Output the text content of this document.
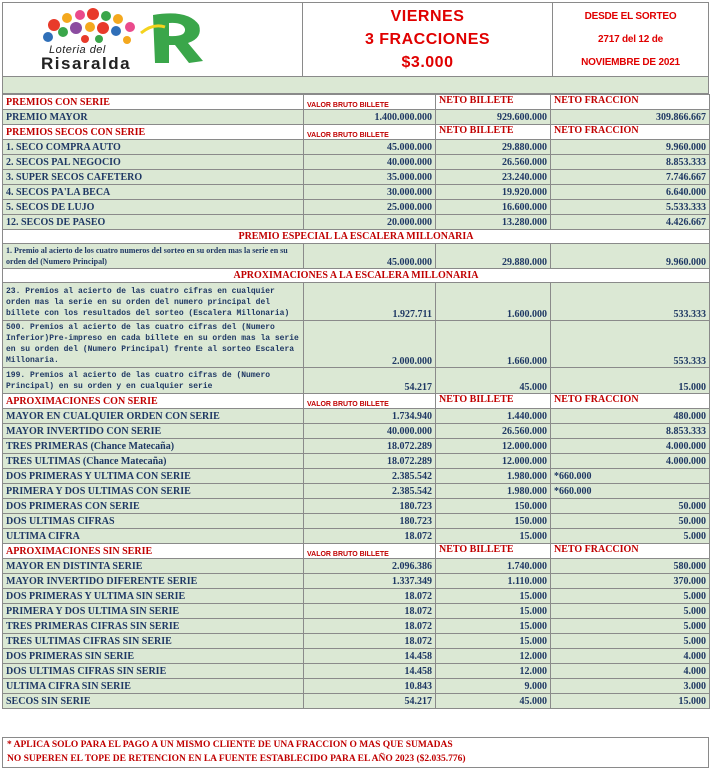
Loteria del
Risaralda
VIERNES
3 FRACCIONES
$3.000
DESDE EL SORTEO
2717 del 12 de
NOVIEMBRE DE 2021
PREMIOS CON SERIE	VALOR BRUTO BILLETE	NETO BILLETE	NETO FRACCIÓN
PREMIO MAYOR	1.400.000.000	929.600.000	309.866.667
PREMIOS SECOS CON SERIE	VALOR BRUTO BILLETE	NETO BILLETE	NETO FRACCIÓN
1. SECO COMPRA AUTO	45.000.000	29.880.000	9.960.000
2. SECOS PAL NEGOCIO	40.000.000	26.560.000	8.853.333
3. SUPER SECOS CAFETERO	35.000.000	23.240.000	7.746.667
4. SECOS PA'LA BECA	30.000.000	19.920.000	6.640.000
5. SECOS DE LUJO	25.000.000	16.600.000	5.533.333
12. SECOS DE PASEO	20.000.000	13.280.000	4.426.667
PREMIO ESPECIAL LA ESCALERA MILLONARIA			
1. Premio al acierto de los cuatro numeros del sorteo en su orden mas la serie en su orden del (Numero Principal)	45.000.000	29.880.000	9.960.000
APROXIMACIONES A LA ESCALERA MILLONARIA			
23. Premios al acierto de las cuatro cifras en cualquier orden mas la serie en su orden del numero principal del billete con los resultados del sorteo (Escalera Millonaria)	1.927.711	1.600.000	533.333
500. Premios al acierto de las cuatro cifras del (Numero Inferior)Pre-impreso en cada billete en su orden mas la serie en su orden del (Numero Principal) frente al sorteo Escalera Millonaria.	2.000.000	1.660.000	553.333
199. Premios al acierto de las cuatro cifras de (Numero Principal) en su orden y en cualquier serie	54.217	45.000	15.000
APROXIMACIONES CON SERIE	VALOR BRUTO BILLETE	NETO BILLETE	NETO FRACCIÓN
MAYOR EN CUALQUIER ORDEN CON SERIE	1.734.940	1.440.000	480.000
MAYOR INVERTIDO CON SERIE	40.000.000	26.560.000	8.853.333
TRES PRIMERAS (Chance Matecaña)	18.072.289	12.000.000	4.000.000
TRES ULTIMAS (Chance Matecaña)	18.072.289	12.000.000	4.000.000
DOS PRIMERAS Y ULTIMA CON SERIE	2.385.542	1.980.000	*660.000
PRIMERA Y DOS ULTIMAS CON SERIE	2.385.542	1.980.000	*660.000
DOS PRIMERAS CON SERIE	180.723	150.000	50.000
DOS ULTIMAS CIFRAS	180.723	150.000	50.000
ULTIMA CIFRA	18.072	15.000	5.000
APROXIMACIONES SIN SERIE	VALOR BRUTO BILLETE	NETO BILLETE	NETO FRACCIÓN
MAYOR EN DISTINTA SERIE	2.096.386	1.740.000	580.000
MAYOR INVERTIDO DIFERENTE SERIE	1.337.349	1.110.000	370.000
DOS PRIMERAS Y ULTIMA SIN SERIE	18.072	15.000	5.000
PRIMERA Y DOS ULTIMA SIN SERIE	18.072	15.000	5.000
TRES PRIMERAS CIFRAS SIN SERIE	18.072	15.000	5.000
TRES ULTIMAS CIFRAS SIN SERIE	18.072	15.000	5.000
DOS PRIMERAS SIN SERIE	14.458	12.000	4.000
DOS ULTIMAS CIFRAS SIN SERIE	14.458	12.000	4.000
ULTIMA CIFRA SIN SERIE	10.843	9.000	3.000
SECOS SIN SERIE	54.217	45.000	15.000
* APLICA SOLO PARA EL PAGO A UN MISMO CLIENTE DE UNA FRACCION O MAS QUE SUMADAS
NO SUPEREN EL TOPE DE RETENCION EN LA FUENTE ESTABLECIDO PARA EL AÑO 2023 ($2.035.776)
